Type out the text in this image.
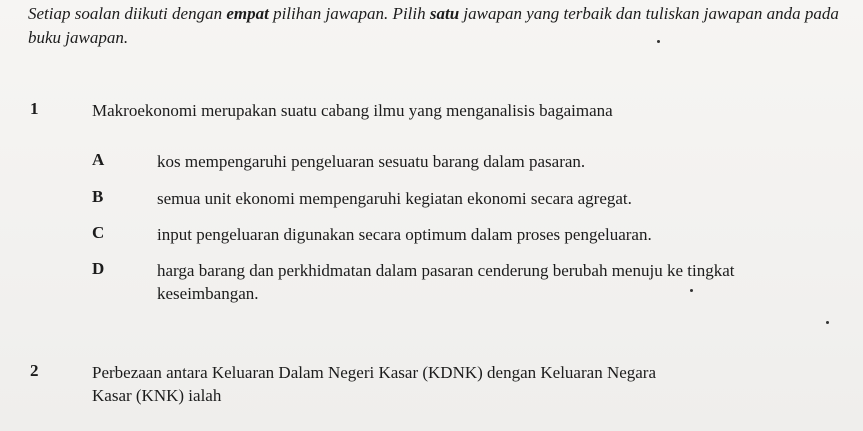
Setiap soalan diikuti dengan empat pilihan jawapan. Pilih satu jawapan yang terbaik dan tuliskan jawapan anda pada buku jawapan.
1	Makroekonomi merupakan suatu cabang ilmu yang menganalisis bagaimana
A	kos mempengaruhi pengeluaran sesuatu barang dalam pasaran.
B	semua unit ekonomi mempengaruhi kegiatan ekonomi secara agregat.
C	input pengeluaran digunakan secara optimum dalam proses pengeluaran.
D	harga barang dan perkhidmatan dalam pasaran cenderung berubah menuju ke tingkat keseimbangan.
2	Perbezaan antara Keluaran Dalam Negeri Kasar (KDNK) dengan Keluaran Negara Kasar (KNK) ialah
